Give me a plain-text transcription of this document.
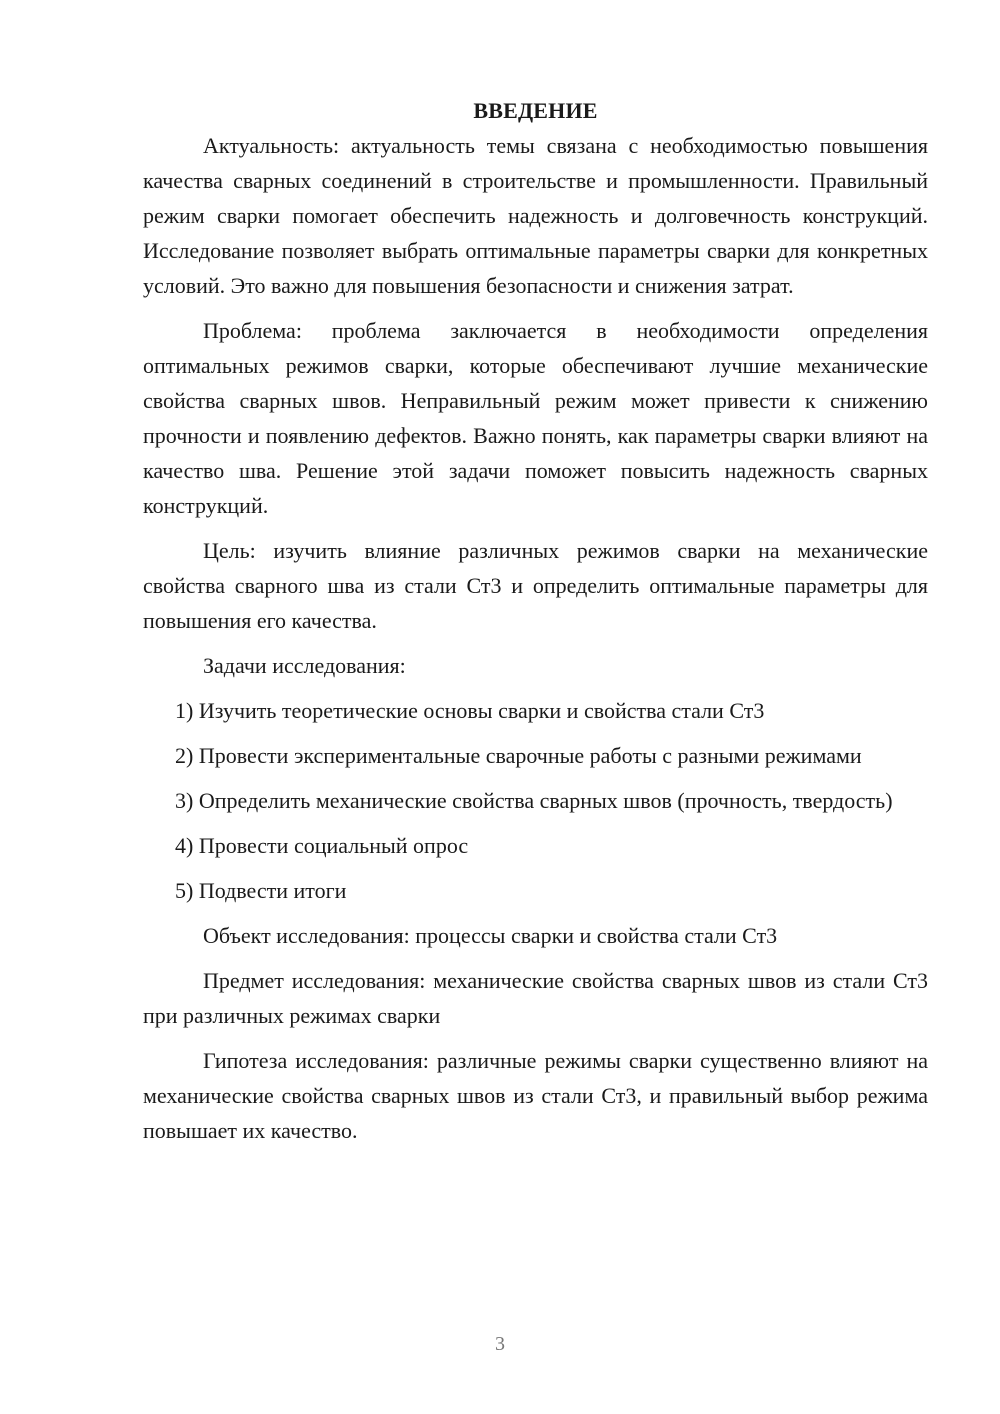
ВВЕДЕНИЕ

Актуальность: актуальность темы связана с необходимостью повышения качества сварных соединений в строительстве и промышленности. Правильный режим сварки помогает обеспечить надежность и долговечность конструкций. Исследование позволяет выбрать оптимальные параметры сварки для конкретных условий. Это важно для повышения безопасности и снижения затрат.

Проблема: проблема заключается в необходимости определения оптимальных режимов сварки, которые обеспечивают лучшие механические свойства сварных швов. Неправильный режим может привести к снижению прочности и появлению дефектов. Важно понять, как параметры сварки влияют на качество шва. Решение этой задачи поможет повысить надежность сварных конструкций.

Цель: изучить влияние различных режимов сварки на механические свойства сварного шва из стали Ст3 и определить оптимальные параметры для повышения его качества.

Задачи исследования:

1) Изучить теоретические основы сварки и свойства стали Ст3

2) Провести экспериментальные сварочные работы с разными режимами

3) Определить механические свойства сварных швов (прочность, твердость)

4) Провести социальный опрос

5) Подвести итоги

Объект исследования: процессы сварки и свойства стали Ст3

Предмет исследования: механические свойства сварных швов из стали Ст3 при различных режимах сварки

Гипотеза исследования: различные режимы сварки существенно влияют на механические свойства сварных швов из стали Ст3, и правильный выбор режима повышает их качество.

3
